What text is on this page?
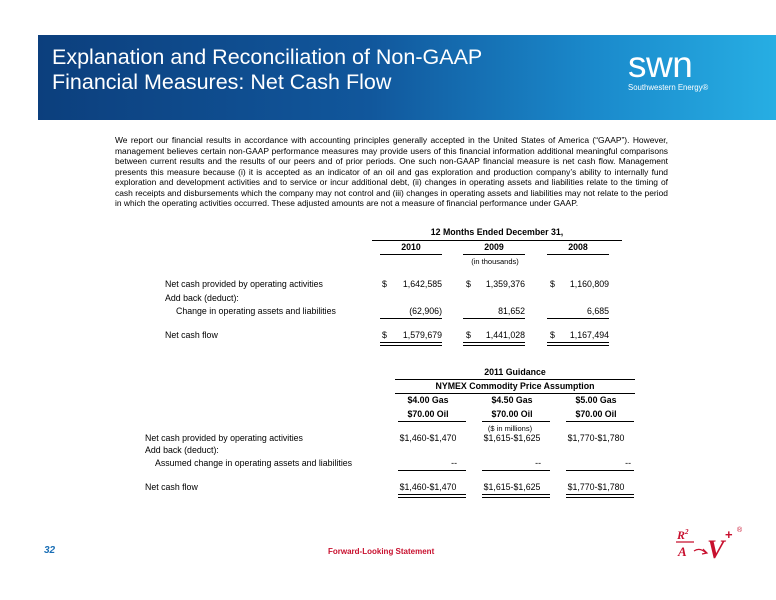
Explanation and Reconciliation of Non-GAAP
Financial Measures: Net Cash Flow	swn
Southwestern Energy®
We report our financial results in accordance with accounting principles generally accepted in the United States of America (“GAAP”). However, management believes certain non-GAAP performance measures may provide users of this financial information additional meaningful comparisons between current results and the results of our peers and of prior periods. One such non-GAAP financial measure is net cash flow. Management presents this measure because (i) it is accepted as an indicator of an oil and gas exploration and production company’s ability to internally fund exploration and development activities and to service or incur additional debt, (ii) changes in operating assets and liabilities relate to the timing of cash receipts and disbursements which the company may not control and (iii) changes in operating assets and liabilities may not relate to the period in which the operating activities occurred. These adjusted amounts are not a measure of financial performance under GAAP.
12 Months Ended December 31,
2010	2009	2008
(in thousands)
Net cash provided by operating activities	$	1,642,585	$	1,359,376	$	1,160,809
Add back (deduct):
Change in operating assets and liabilities	(62,906)	81,652	6,685
Net cash flow	$	1,579,679	$	1,441,028	$	1,167,494
2011 Guidance
NYMEX Commodity Price Assumption
$4.00 Gas	$4.50 Gas	$5.00 Gas
$70.00 Oil	$70.00 Oil	$70.00 Oil
($ in millions)
Net cash provided by operating activities	$1,460-$1,470	$1,615-$1,625	$1,770-$1,780
Add back (deduct):
Assumed change in operating assets and liabilities	--	--	--
Net cash flow	$1,460-$1,470	$1,615-$1,625	$1,770-$1,780
32	Forward-Looking Statement
R 2
A V
+ ®
